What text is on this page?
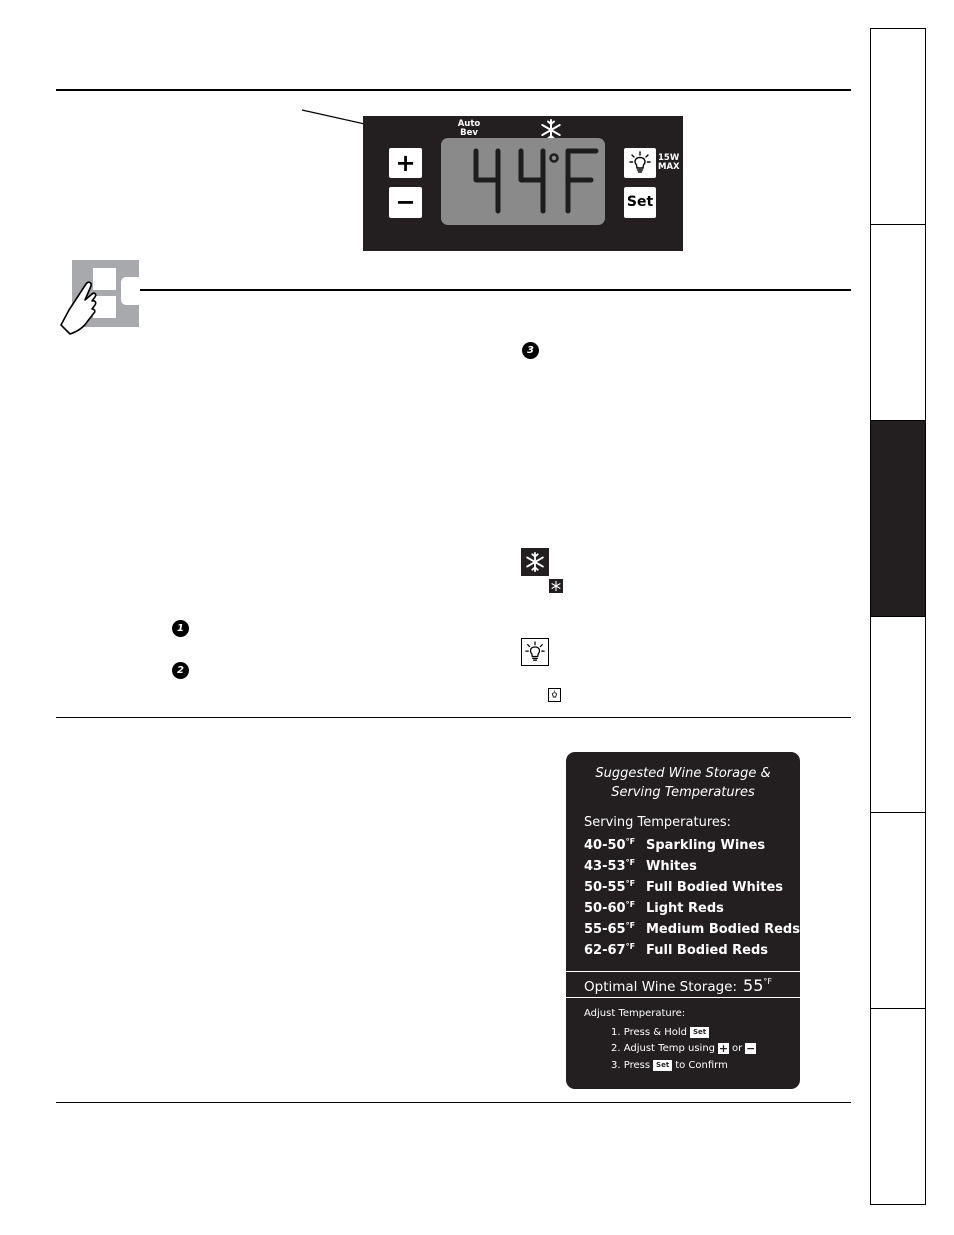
Auto
Bev
+
−
15W
MAX
Set
1
2
3
Suggested Wine Storage &
Serving Temperatures
Serving Temperatures:
$40-50^{^\circ F}$ Sparkling Wines
$43-53^{^\circ F}$ Whites
$50-55^{^\circ F}$ Full Bodied Whites
$50-60^{^\circ F}$ Light Reds
$55-65^{^\circ F}$ Medium Bodied Reds
$62-67^{^\circ F}$ Full Bodied Reds
Optimal Wine Storage: $55^{^\circ F}$
Adjust Temperature:
1. Press & Hold Set
2. Adjust Temp using + or −
3. Press Set to Confirm
